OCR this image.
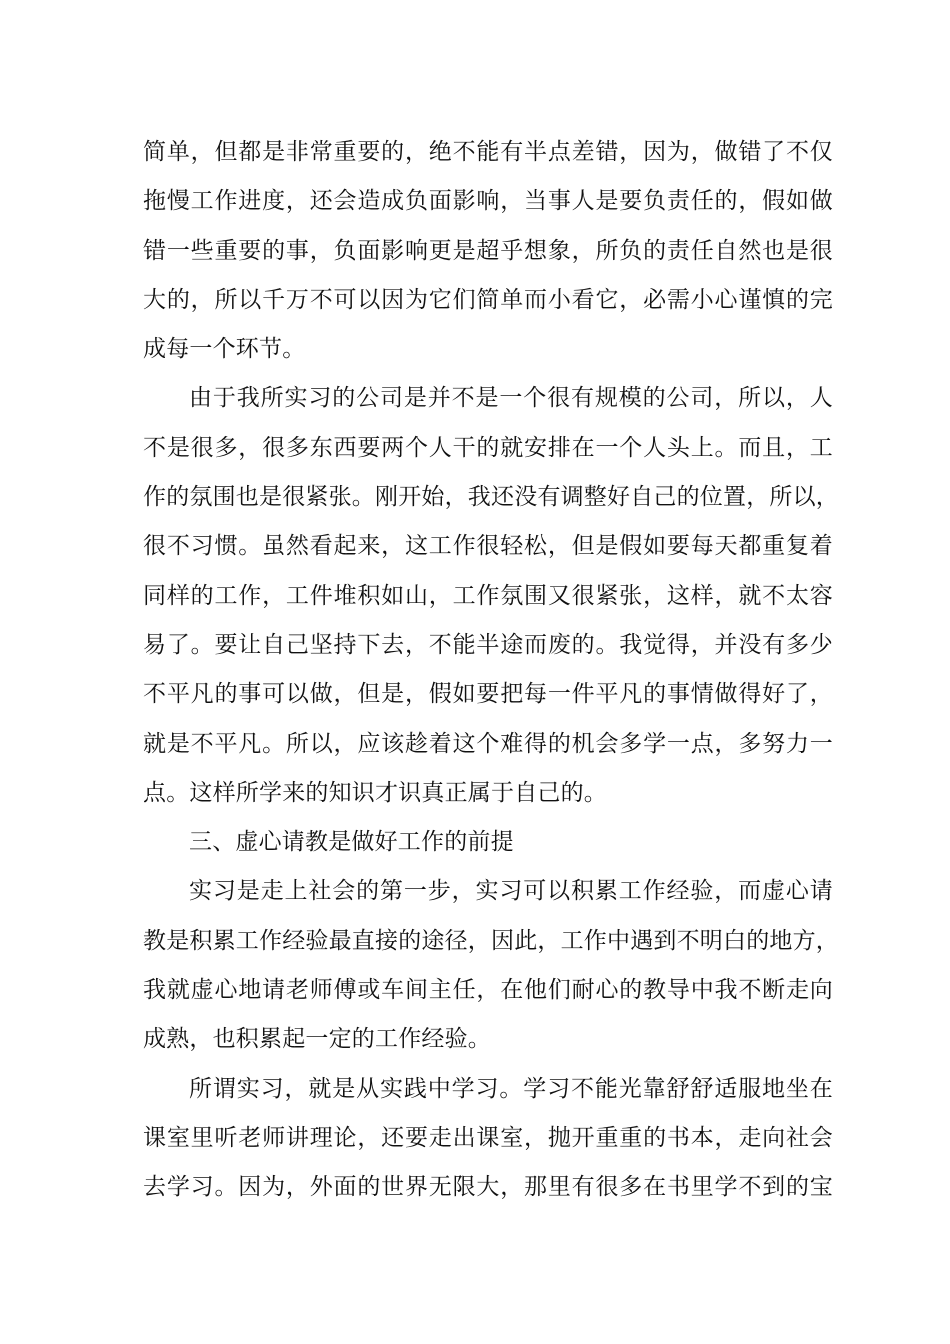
简单，但都是非常重要的，绝不能有半点差错，因为，做错了不仅
拖慢工作进度，还会造成负面影响，当事人是要负责任的，假如做
错一些重要的事，负面影响更是超乎想象，所负的责任自然也是很
大的，所以千万不可以因为它们简单而小看它，必需小心谨慎的完
成每一个环节。
由于我所实习的公司是并不是一个很有规模的公司，所以，人
不是很多，很多东西要两个人干的就安排在一个人头上。而且，工
作的氛围也是很紧张。刚开始，我还没有调整好自己的位置，所以，
很不习惯。虽然看起来，这工作很轻松，但是假如要每天都重复着
同样的工作，工件堆积如山，工作氛围又很紧张，这样，就不太容
易了。要让自己坚持下去，不能半途而废的。我觉得，并没有多少
不平凡的事可以做，但是，假如要把每一件平凡的事情做得好了，
就是不平凡。所以，应该趁着这个难得的机会多学一点，多努力一
点。这样所学来的知识才识真正属于自己的。
三、虚心请教是做好工作的前提
实习是走上社会的第一步，实习可以积累工作经验，而虚心请
教是积累工作经验最直接的途径，因此，工作中遇到不明白的地方，
我就虚心地请老师傅或车间主任，在他们耐心的教导中我不断走向
成熟，也积累起一定的工作经验。
所谓实习，就是从实践中学习。学习不能光靠舒舒适服地坐在
课室里听老师讲理论，还要走出课室，抛开重重的书本，走向社会
去学习。因为，外面的世界无限大，那里有很多在书里学不到的宝
